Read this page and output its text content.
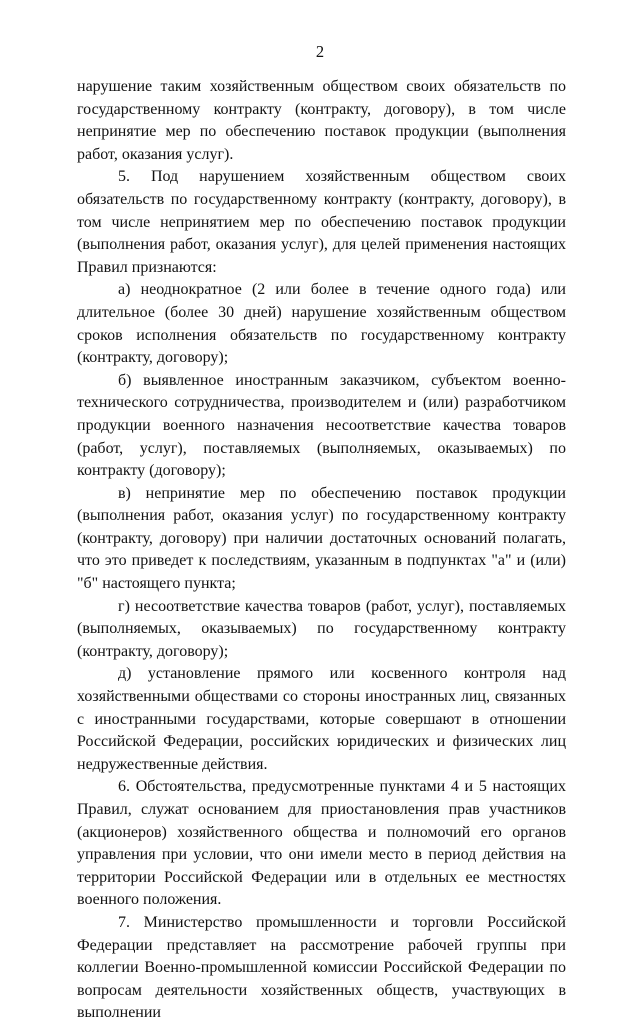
2

нарушение таким хозяйственным обществом своих обязательств по государственному контракту (контракту, договору), в том числе непринятие мер по обеспечению поставок продукции (выполнения работ, оказания услуг).

5. Под нарушением хозяйственным обществом своих обязательств по государственному контракту (контракту, договору), в том числе непринятием мер по обеспечению поставок продукции (выполнения работ, оказания услуг), для целей применения настоящих Правил признаются:

а) неоднократное (2 или более в течение одного года) или длительное (более 30 дней) нарушение хозяйственным обществом сроков исполнения обязательств по государственному контракту (контракту, договору);

б) выявленное иностранным заказчиком, субъектом военно-технического сотрудничества, производителем и (или) разработчиком продукции военного назначения несоответствие качества товаров (работ, услуг), поставляемых (выполняемых, оказываемых) по контракту (договору);

в) непринятие мер по обеспечению поставок продукции (выполнения работ, оказания услуг) по государственному контракту (контракту, договору) при наличии достаточных оснований полагать, что это приведет к последствиям, указанным в подпунктах "а" и (или) "б" настоящего пункта;

г) несоответствие качества товаров (работ, услуг), поставляемых (выполняемых, оказываемых) по государственному контракту (контракту, договору);

д) установление прямого или косвенного контроля над хозяйственными обществами со стороны иностранных лиц, связанных с иностранными государствами, которые совершают в отношении Российской Федерации, российских юридических и физических лиц недружественные действия.

6. Обстоятельства, предусмотренные пунктами 4 и 5 настоящих Правил, служат основанием для приостановления прав участников (акционеров) хозяйственного общества и полномочий его органов управления при условии, что они имели место в период действия на территории Российской Федерации или в отдельных ее местностях военного положения.

7. Министерство промышленности и торговли Российской Федерации представляет на рассмотрение рабочей группы при коллегии Военно-промышленной комиссии Российской Федерации по вопросам деятельности хозяйственных обществ, участвующих в выполнении
